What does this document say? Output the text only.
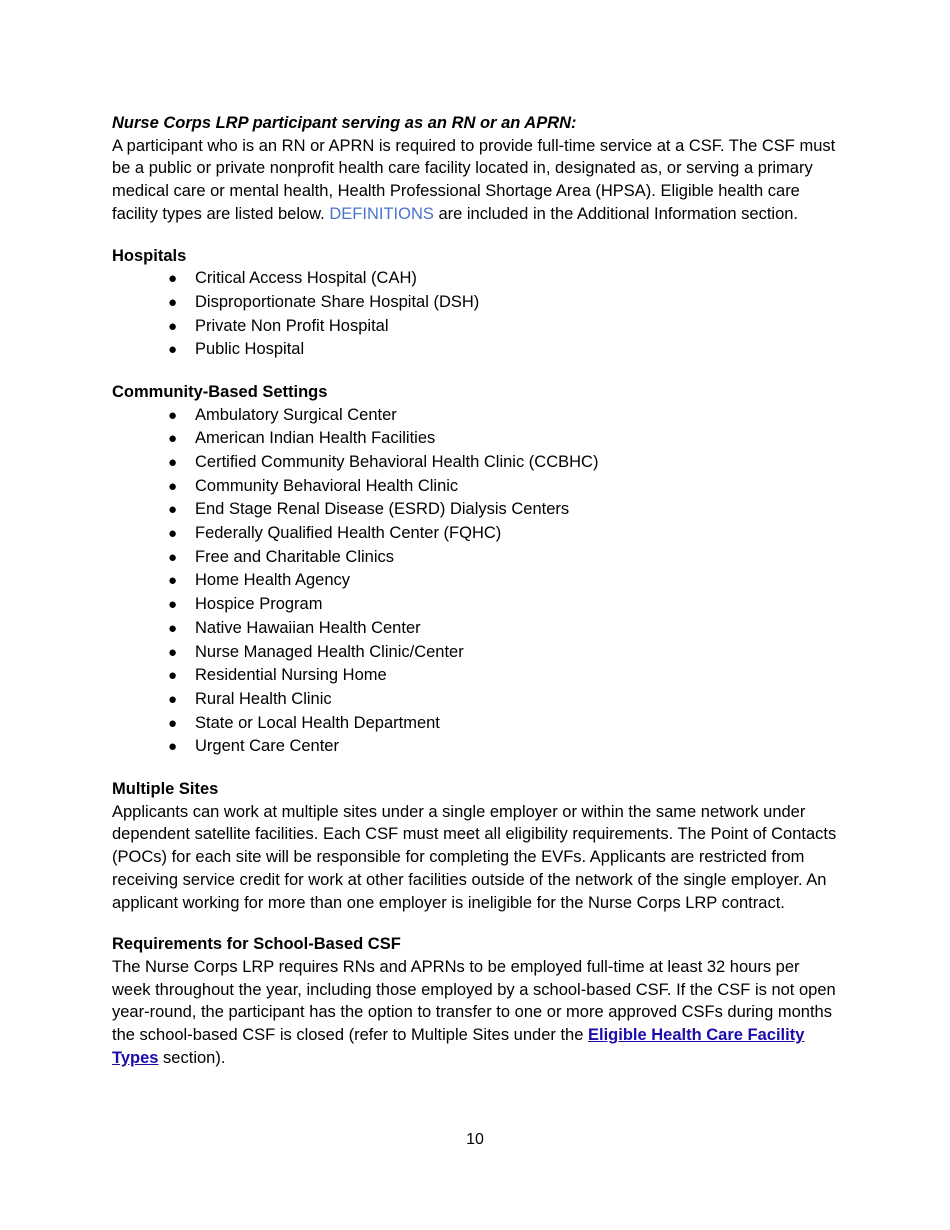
Nurse Corps LRP participant serving as an RN or an APRN:

A participant who is an RN or APRN is required to provide full-time service at a CSF. The CSF must be a public or private nonprofit health care facility located in, designated as, or serving a primary medical care or mental health, Health Professional Shortage Area (HPSA). Eligible health care facility types are listed below. DEFINITIONS are included in the Additional Information section.

Hospitals

● Critical Access Hospital (CAH)
● Disproportionate Share Hospital (DSH)
● Private Non Profit Hospital
● Public Hospital

Community-Based Settings

● Ambulatory Surgical Center
● American Indian Health Facilities
● Certified Community Behavioral Health Clinic (CCBHC)
● Community Behavioral Health Clinic
● End Stage Renal Disease (ESRD) Dialysis Centers
● Federally Qualified Health Center (FQHC)
● Free and Charitable Clinics
● Home Health Agency
● Hospice Program
● Native Hawaiian Health Center
● Nurse Managed Health Clinic/Center
● Residential Nursing Home
● Rural Health Clinic
● State or Local Health Department
● Urgent Care Center

Multiple Sites

Applicants can work at multiple sites under a single employer or within the same network under dependent satellite facilities. Each CSF must meet all eligibility requirements. The Point of Contacts (POCs) for each site will be responsible for completing the EVFs. Applicants are restricted from receiving service credit for work at other facilities outside of the network of the single employer. An applicant working for more than one employer is ineligible for the Nurse Corps LRP contract.

Requirements for School-Based CSF

The Nurse Corps LRP requires RNs and APRNs to be employed full-time at least 32 hours per week throughout the year, including those employed by a school-based CSF. If the CSF is not open year-round, the participant has the option to transfer to one or more approved CSFs during months the school-based CSF is closed (refer to Multiple Sites under the Eligible Health Care Facility Types section).

10
